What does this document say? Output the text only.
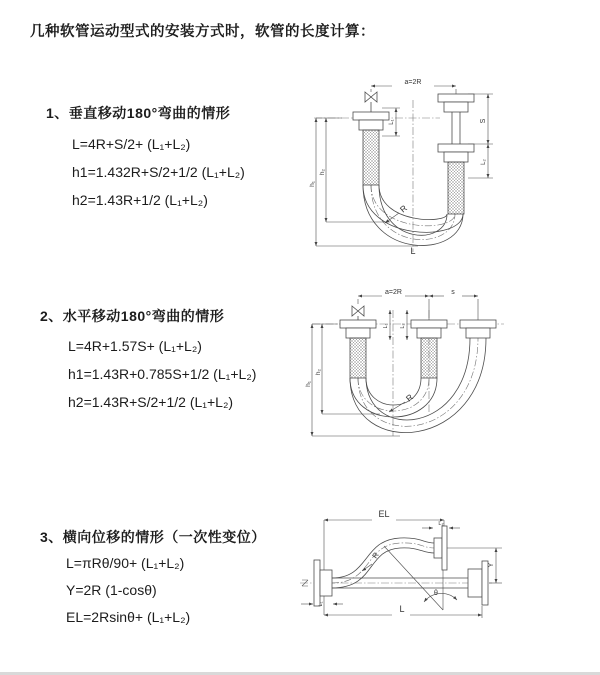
几种软管运动型式的安装方式时，软管的长度计算：
1、垂直移动180°弯曲的情形
L=4R+S/2+ (L₁+L₂)
h1=1.432R+S/2+1/2 (L₁+L₂)
h2=1.43R+1/2 (L₁+L₂)
2、水平移动180°弯曲的情形
L=4R+1.57S+ (L₁+L₂)
h1=1.43R+0.785S+1/2 (L₁+L₂)
h2=1.43R+S/2+1/2 (L₁+L₂)
3、横向位移的情形（一次性变位）
L=πRθ/90+ (L₁+L₂)
Y=2R (1-cosθ)
EL=2Rsinθ+ (L₁+L₂)
a=2R
S
L₂
L₁
h₁
h₂
R
L
a=2R	s
L₁ L₂
h₁
h₂
R
EL
L₂
Y
R
θ
L
L₁
